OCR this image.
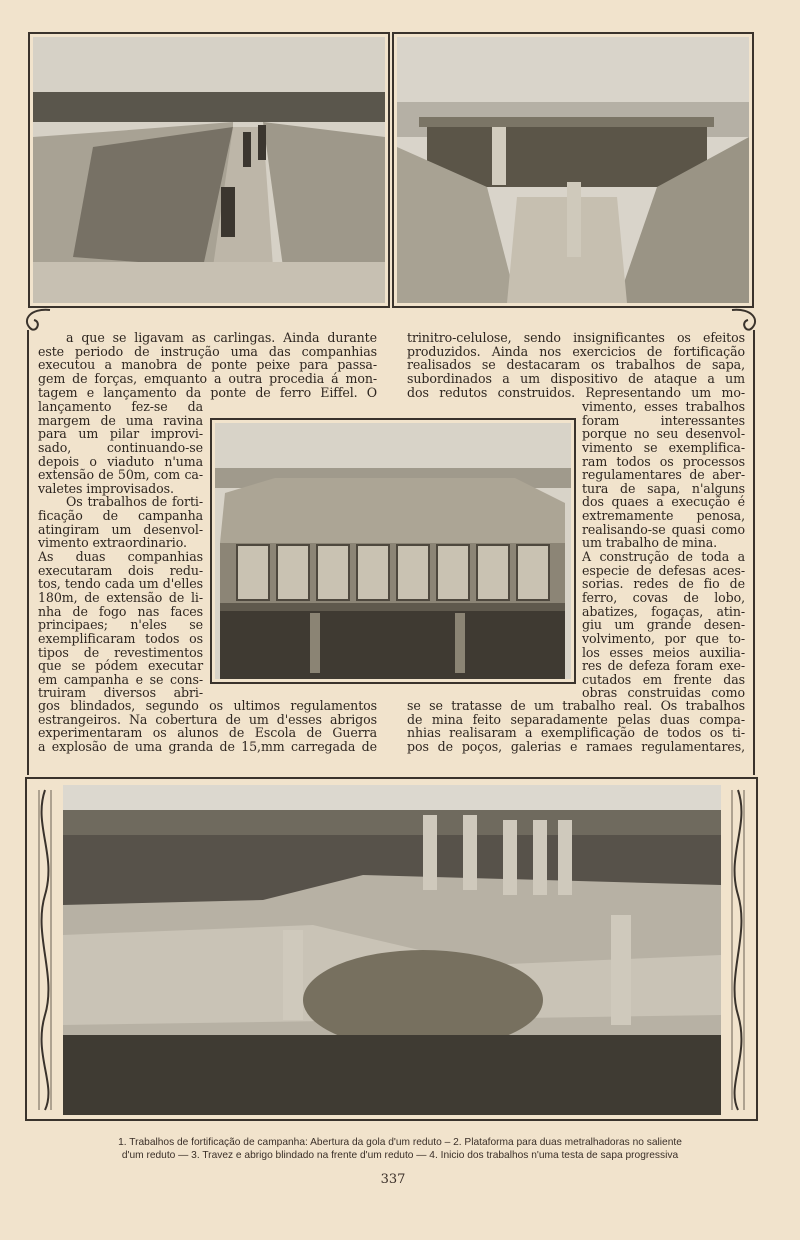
a que se ligavam as carlingas. Ainda durante
este periodo de instrução uma das companhias
executou a manobra de ponte peixe para passa-
gem de forças, emquanto a outra procedia á mon-
tagem e lançamento da ponte de ferro Eiffel. O
lançamento fez-se da
margem de uma ravina
para um pilar improvi-
sado, continuando-se
depois o viaduto n'uma
extensão de 50m, com ca-
valetes improvisados.
Os trabalhos de forti-
ficação de campanha
atingiram um desenvol-
vimento extraordinario.
As duas companhias
executaram dois redu-
tos, tendo cada um d'elles
180m, de extensão de li-
nha de fogo nas faces
principaes; n'eles se
exemplificaram todos os
tipos de revestimentos
que se pódem executar
em campanha e se cons-
truiram diversos abri-
gos blindados, segundo os ultimos regulamentos
estrangeiros. Na cobertura de um d'esses abrigos
experimentaram os alunos de Escola de Guerra
a explosão de uma granda de 15,mm carregada de
trinitro-celulose, sendo insignificantes os efeitos
produzidos. Ainda nos exercicios de fortificação
realisados se destacaram os trabalhos de sapa,
subordinados a um dispositivo de ataque a um
dos redutos construidos. Representando um mo-
vimento, esses trabalhos
foram interessantes
porque no seu desenvol-
vimento se exemplifica-
ram todos os processos
regulamentares de aber-
tura de sapa, n'alguns
dos quaes a execução é
extremamente penosa,
realisando-se quasi como
um trabalho de mina.
A construção de toda a
especie de defesas aces-
sorias. redes de fio de
ferro, covas de lobo,
abatizes, fogaças, atin-
giu um grande desen-
volvimento, por que to-
los esses meios auxilia-
res de defeza foram exe-
cutados em frente das
obras construidas como
se se tratasse de um trabalho real. Os trabalhos
de mina feito separadamente pelas duas compa-
nhias realisaram a exemplificação de todos os ti-
pos de poços, galerias e ramaes regulamentares,
1. Trabalhos de fortificação de campanha: Abertura da gola d'um reduto – 2. Plataforma para duas metralhadoras no saliente
d'um reduto — 3. Travez e abrigo blindado na frente d'um reduto — 4. Inicio dos trabalhos n'uma testa de sapa progressiva
337
